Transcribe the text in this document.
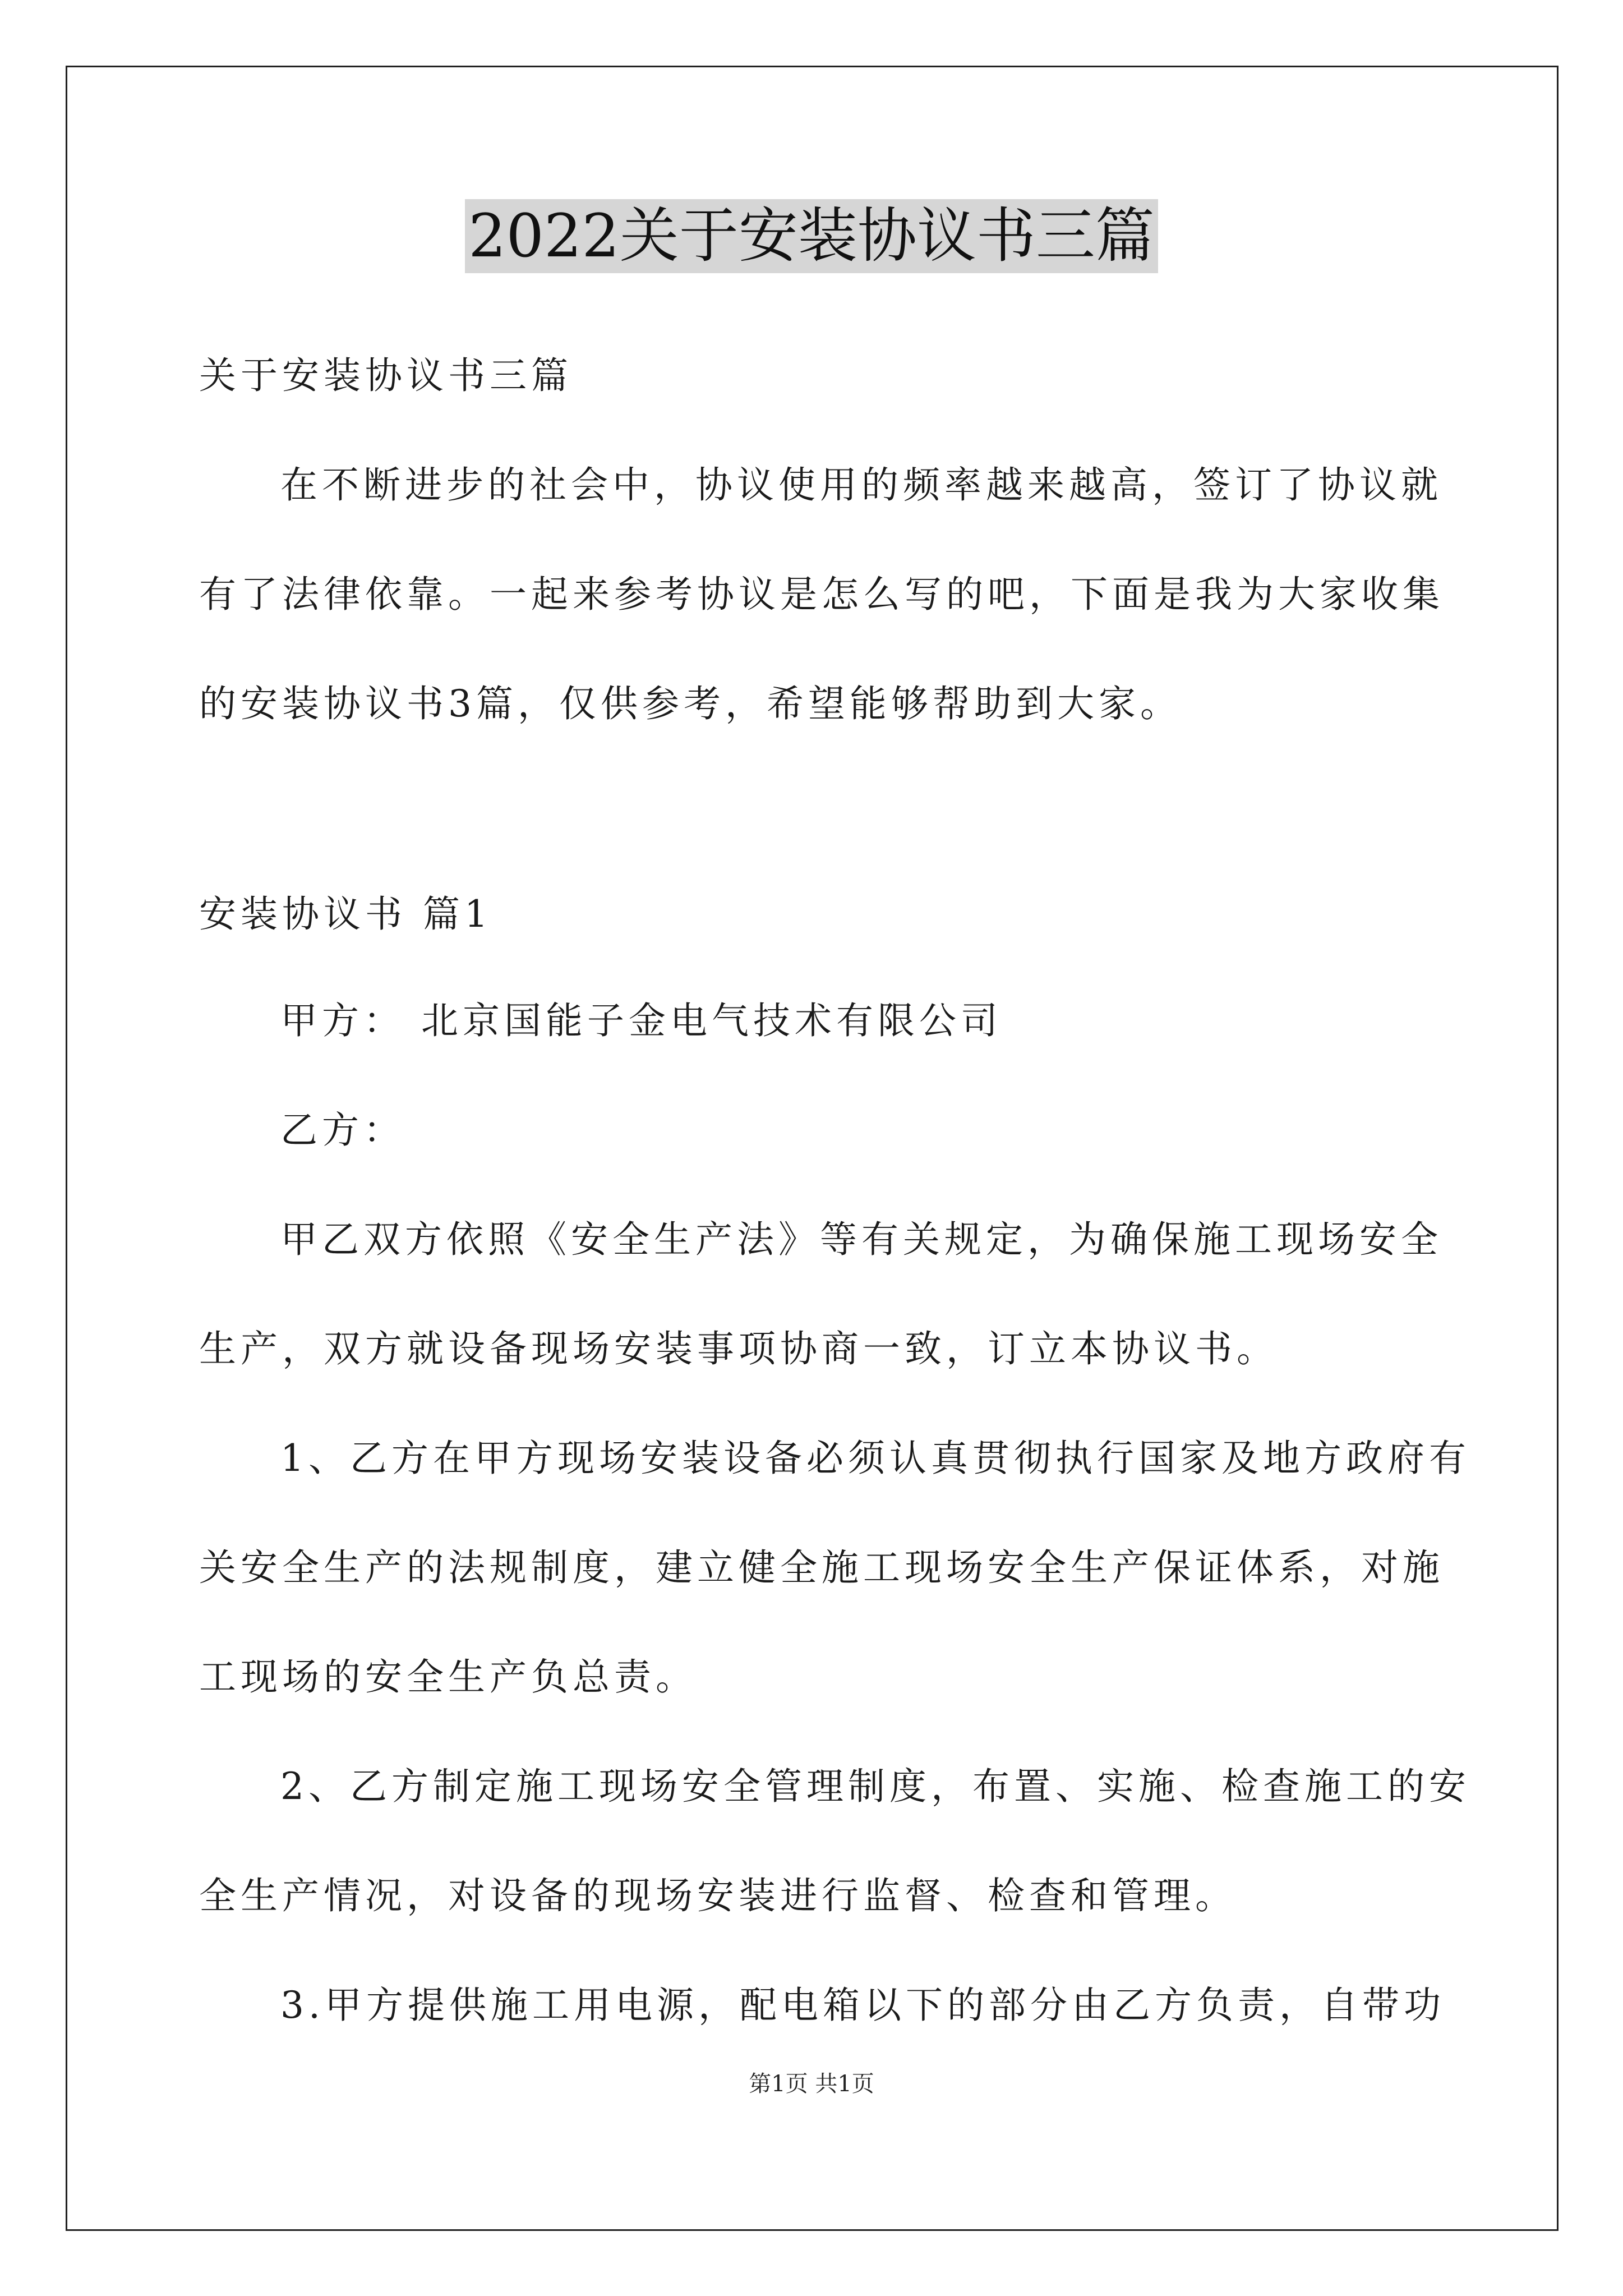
2022关于安装协议书三篇
关于安装协议书三篇
在不断进步的社会中，协议使用的频率越来越高，签订了协议就
有了法律依靠。一起来参考协议是怎么写的吧，下面是我为大家收集
的安装协议书3篇，仅供参考，希望能够帮助到大家。
安装协议书 篇1
甲方： 北京国能子金电气技术有限公司
乙方：
甲乙双方依照《安全生产法》等有关规定，为确保施工现场安全
生产，双方就设备现场安装事项协商一致，订立本协议书。
1、乙方在甲方现场安装设备必须认真贯彻执行国家及地方政府有
关安全生产的法规制度，建立健全施工现场安全生产保证体系，对施
工现场的安全生产负总责。
2、乙方制定施工现场安全管理制度，布置、实施、检查施工的安
全生产情况，对设备的现场安装进行监督、检查和管理。
3.甲方提供施工用电源，配电箱以下的部分由乙方负责，自带功
第1页 共1页
